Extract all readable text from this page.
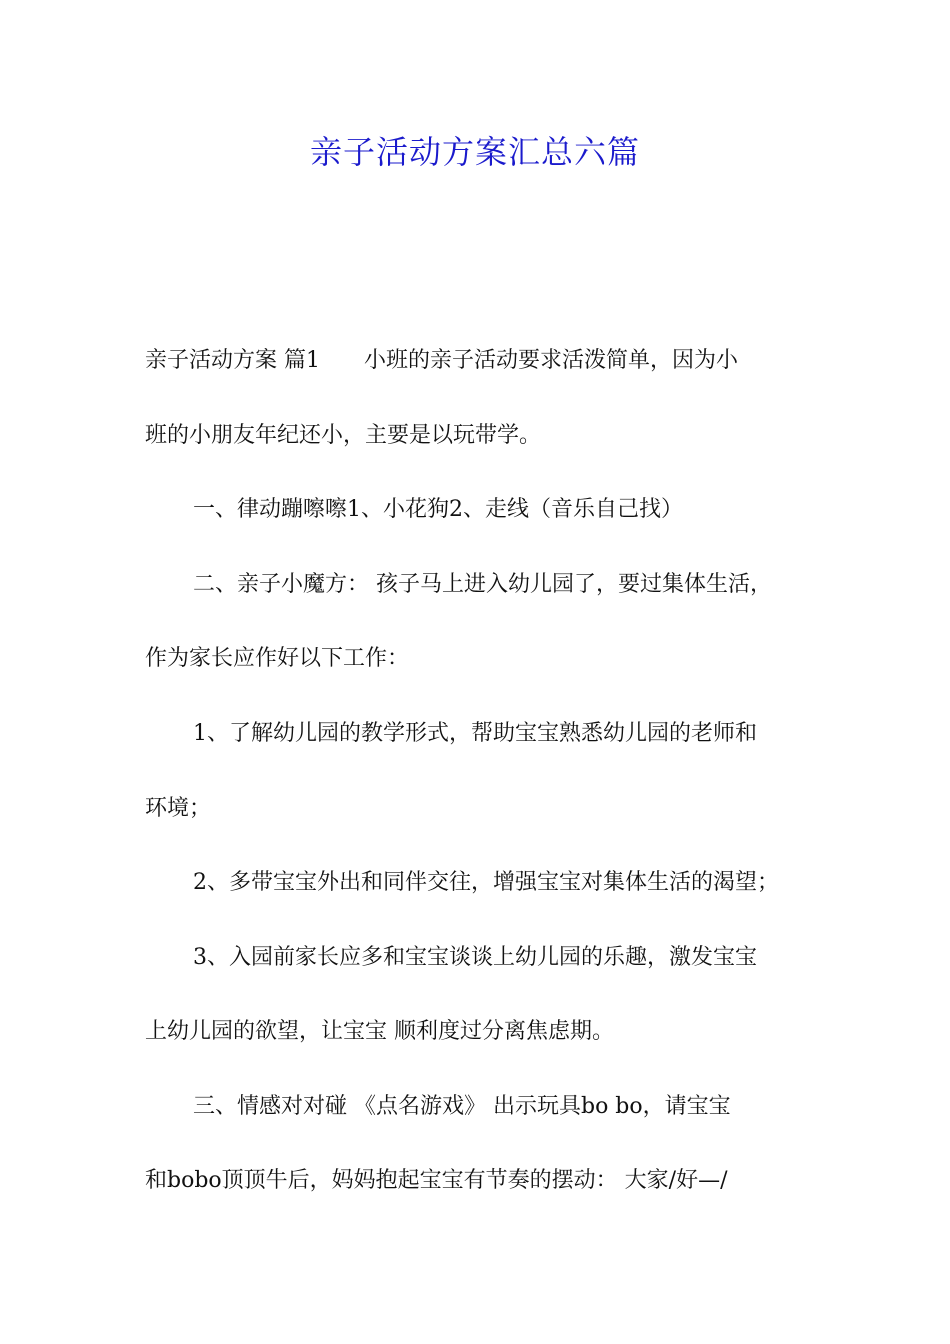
亲子活动方案汇总六篇
亲子活动方案 篇1　　小班的亲子活动要求活泼简单，因为小
班的小朋友年纪还小，主要是以玩带学。
一、律动蹦嚓嚓1、小花狗2、走线（音乐自己找）
二、亲子小魔方： 孩子马上进入幼儿园了，要过集体生活，
作为家长应作好以下工作：
1、了解幼儿园的教学形式，帮助宝宝熟悉幼儿园的老师和
环境；
2、多带宝宝外出和同伴交往，增强宝宝对集体生活的渴望；
3、入园前家长应多和宝宝谈谈上幼儿园的乐趣，激发宝宝
上幼儿园的欲望，让宝宝 顺利度过分离焦虑期。
三、情感对对碰 《点名游戏》 出示玩具bo bo，请宝宝
和bobo顶顶牛后，妈妈抱起宝宝有节奏的摆动： 大家/好—/
